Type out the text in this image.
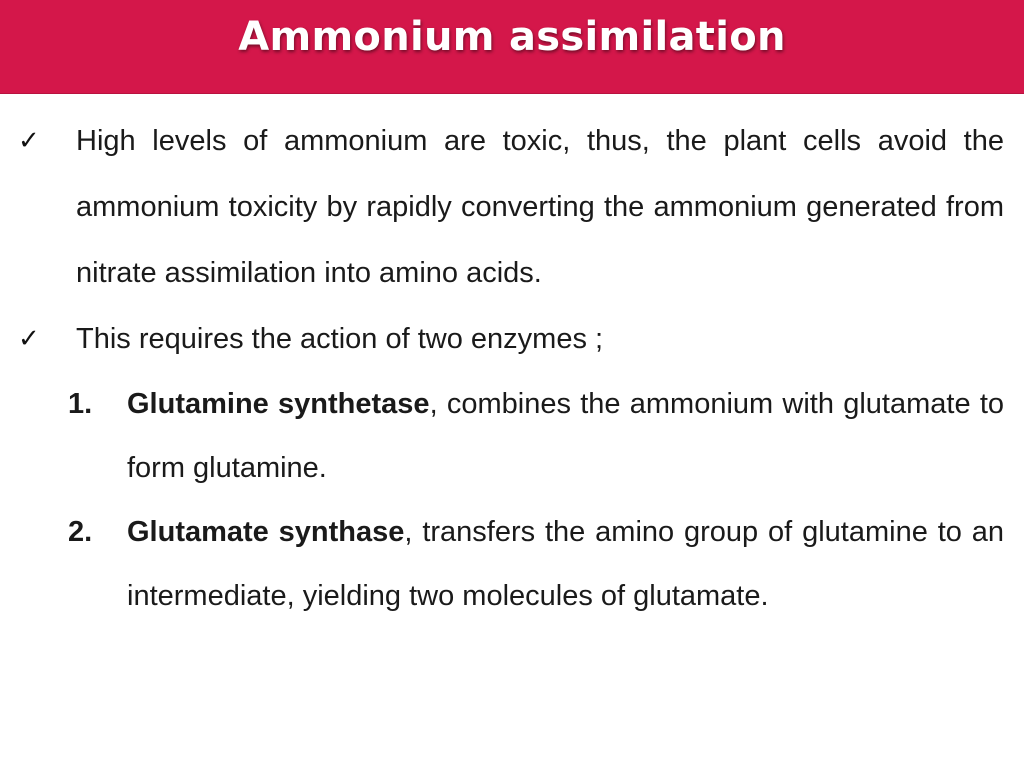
Ammonium assimilation

✓ High levels of ammonium are toxic, thus, the plant cells avoid the ammonium toxicity by rapidly converting the ammonium generated from nitrate assimilation into amino acids.

✓ This requires the action of two enzymes ;

1. Glutamine synthetase, combines the ammonium with glutamate to form glutamine.

2. Glutamate synthase, transfers the amino group of glutamine to an intermediate, yielding two molecules of glutamate.
